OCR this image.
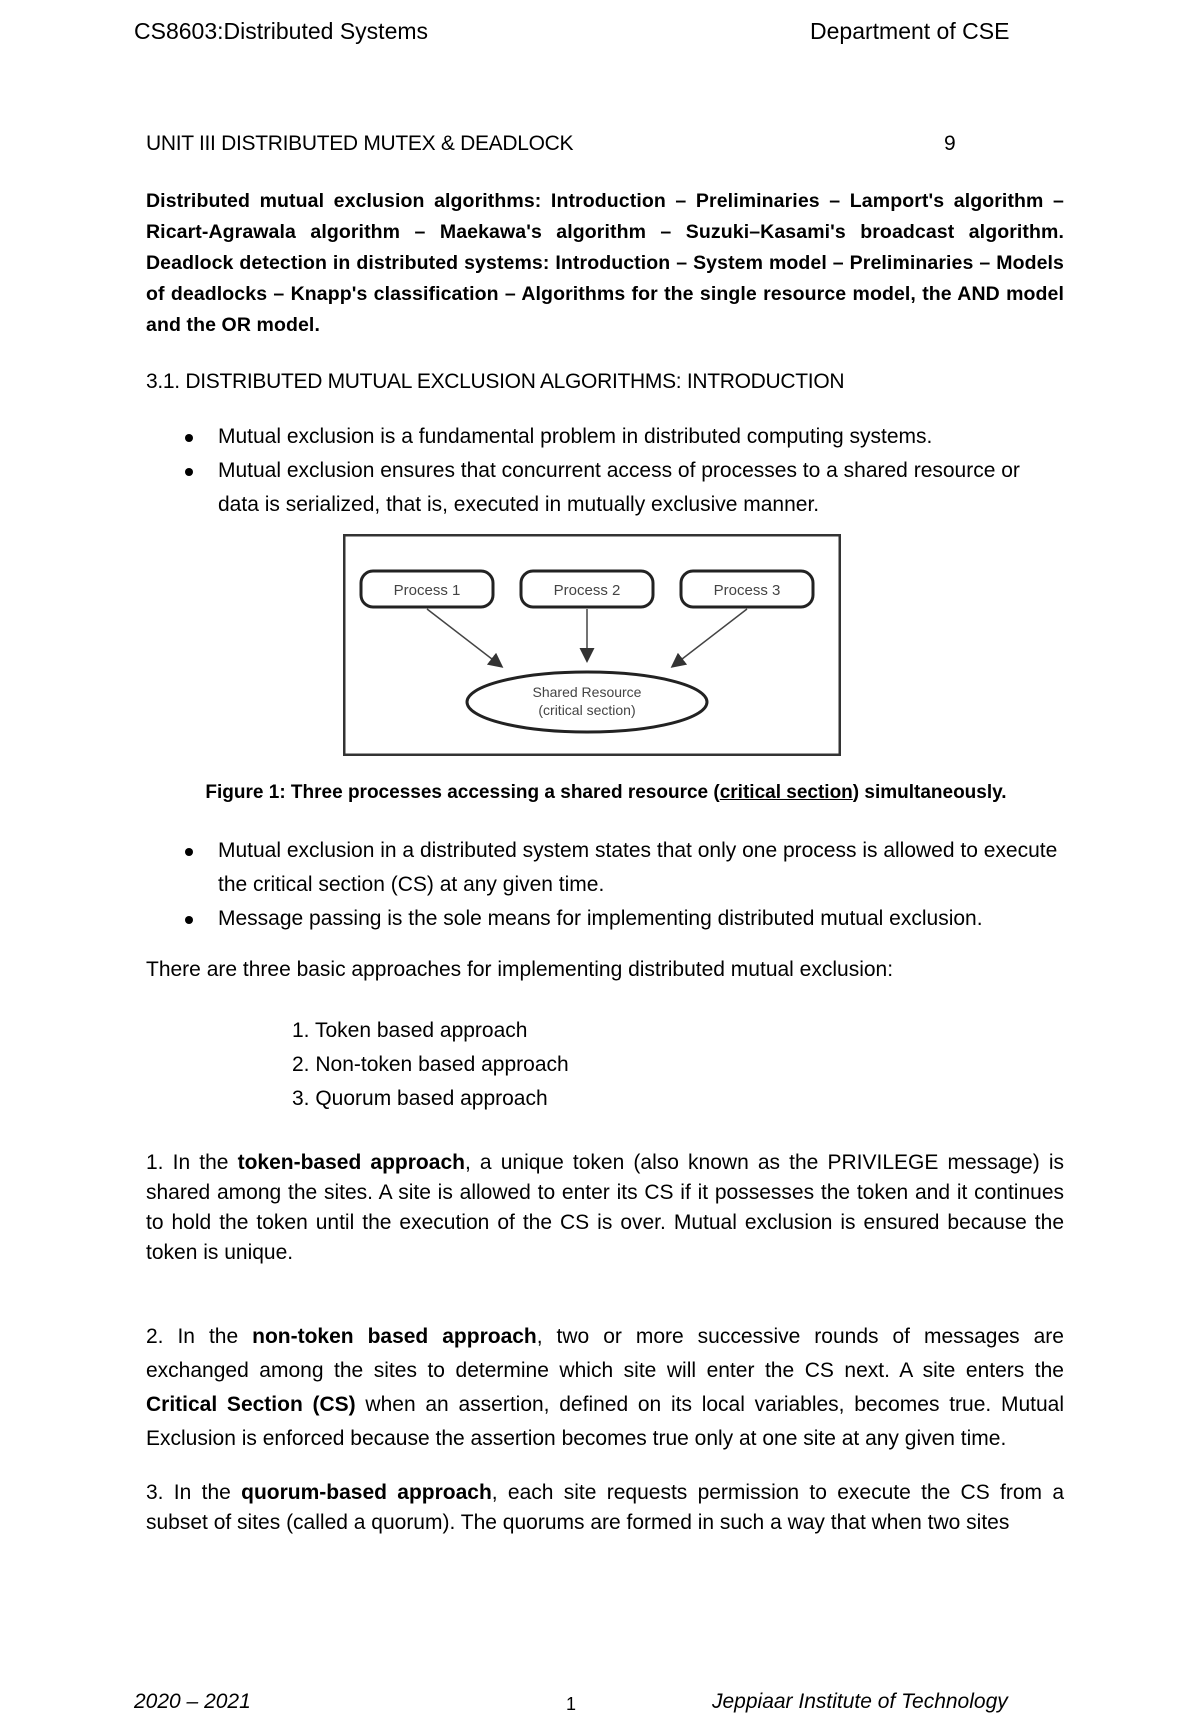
CS8603:Distributed Systems	Department of CSE
UNIT III DISTRIBUTED MUTEX & DEADLOCK	9
Distributed mutual exclusion algorithms: Introduction – Preliminaries – Lamport's algorithm – Ricart-Agrawala algorithm – Maekawa's algorithm – Suzuki–Kasami's broadcast algorithm. Deadlock detection in distributed systems: Introduction – System model – Preliminaries – Models of deadlocks – Knapp's classification – Algorithms for the single resource model, the AND model and the OR model.
3.1. DISTRIBUTED MUTUAL EXCLUSION ALGORITHMS: INTRODUCTION
Mutual exclusion is a fundamental problem in distributed computing systems.
Mutual exclusion ensures that concurrent access of processes to a shared resource or data is serialized, that is, executed in mutually exclusive manner.
Process 1	Process 2	Process 3
Shared Resource
(critical section)
Figure 1: Three processes accessing a shared resource (critical section) simultaneously.
Mutual exclusion in a distributed system states that only one process is allowed to execute the critical section (CS) at any given time.
Message passing is the sole means for implementing distributed mutual exclusion.
There are three basic approaches for implementing distributed mutual exclusion:
1. Token based approach
2. Non-token based approach
3. Quorum based approach
1. In the token-based approach, a unique token (also known as the PRIVILEGE message) is shared among the sites. A site is allowed to enter its CS if it possesses the token and it continues to hold the token until the execution of the CS is over. Mutual exclusion is ensured because the token is unique.
2. In the non-token based approach, two or more successive rounds of messages are exchanged among the sites to determine which site will enter the CS next. A site enters the Critical Section (CS) when an assertion, defined on its local variables, becomes true. Mutual Exclusion is enforced because the assertion becomes true only at one site at any given time.
3. In the quorum-based approach, each site requests permission to execute the CS from a subset of sites (called a quorum). The quorums are formed in such a way that when two sites
2020 – 2021	1	Jeppiaar Institute of Technology
